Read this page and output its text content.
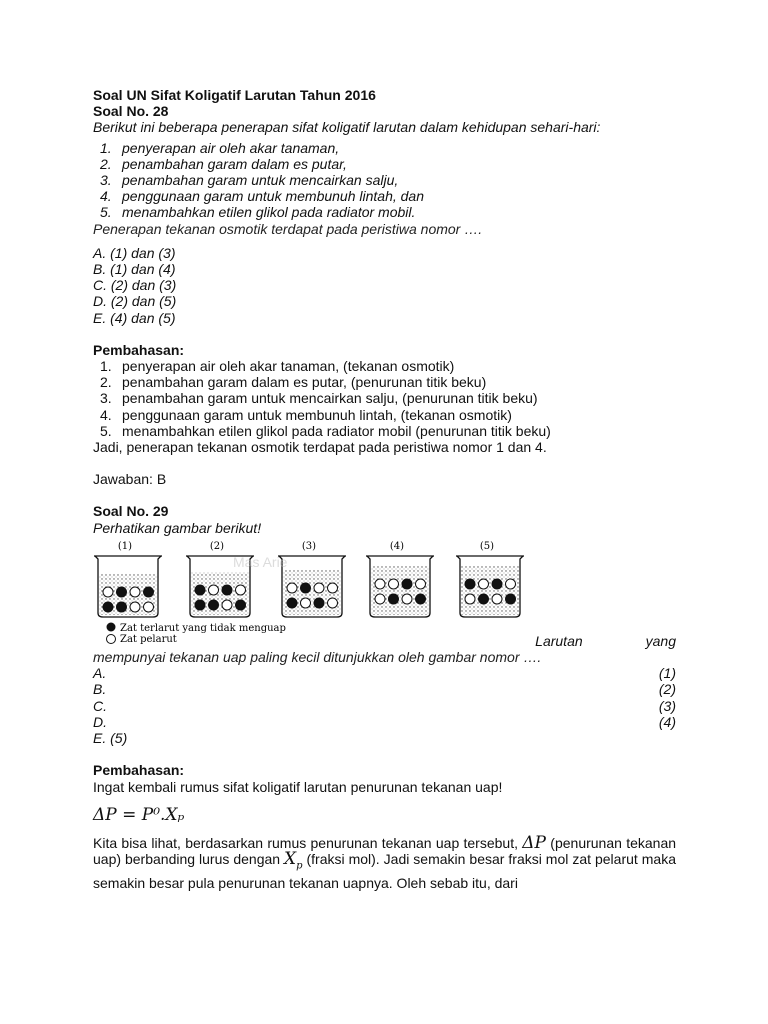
Soal UN Sifat Koligatif Larutan Tahun 2016
Soal No. 28
Berikut ini beberapa penerapan sifat koligatif larutan dalam kehidupan sehari-hari:
1. penyerapan air oleh akar tanaman,
2. penambahan garam dalam es putar,
3. penambahan garam untuk mencairkan salju,
4. penggunaan garam untuk membunuh lintah, dan
5. menambahkan etilen glikol pada radiator mobil.
Penerapan tekanan osmotik terdapat pada peristiwa nomor ….
A. (1) dan (3)
B. (1) dan (4)
C. (2) dan (3)
D. (2) dan (5)
E. (4) dan (5)
Pembahasan:
1. penyerapan air oleh akar tanaman, (tekanan osmotik)
2. penambahan garam dalam es putar, (penurunan titik beku)
3. penambahan garam untuk mencairkan salju, (penurunan titik beku)
4. penggunaan garam untuk membunuh lintah, (tekanan osmotik)
5. menambahkan etilen glikol pada radiator mobil (penurunan titik beku)
Jadi, penerapan tekanan osmotik terdapat pada peristiwa nomor 1 dan 4.
Jawaban: B
Soal No. 29
Perhatikan gambar berikut!
(1)	(2)	(3)	(4)	(5)
Zat terlarut yang tidak menguap
Zat pelarut
Mas Arie
Larutan	yang
mempunyai tekanan uap paling kecil ditunjukkan oleh gambar nomor ….
A.	(1)
B.	(2)
C.	(3)
D.	(4)
E. (5)
Pembahasan:
Ingat kembali rumus sifat koligatif larutan penurunan tekanan uap!
ΔP = P⁰.Xₚ
Kita bisa lihat, berdasarkan rumus penurunan tekanan uap tersebut, ΔP (penurunan tekanan uap) berbanding lurus dengan $X_p$ (fraksi mol). Jadi semakin besar fraksi mol zat pelarut maka semakin besar pula penurunan tekanan uapnya. Oleh sebab itu, dari
